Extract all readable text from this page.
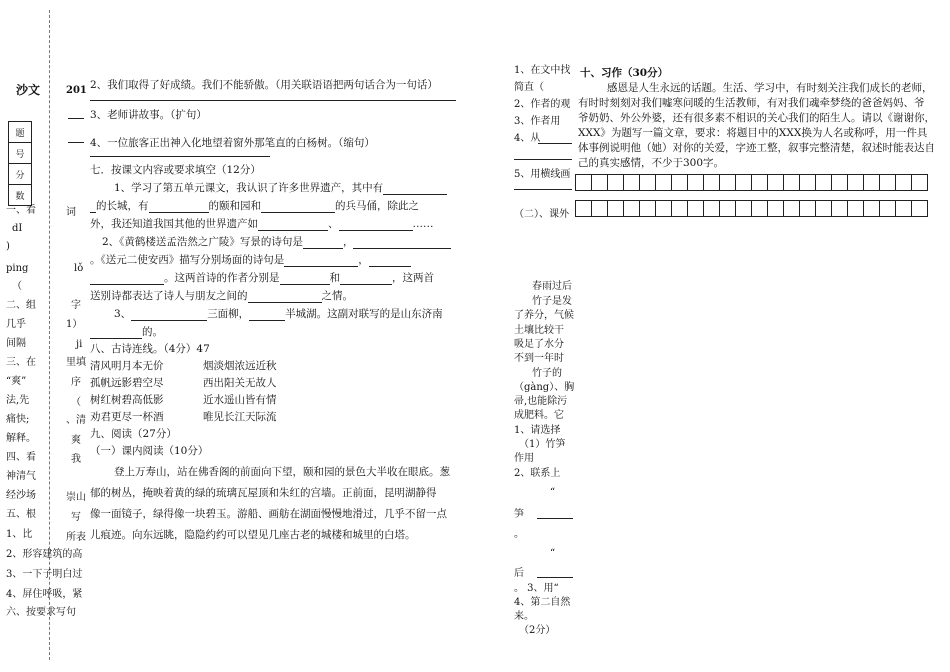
沙文	201
题
号
分
数
一、看
dI
)
ping
（
二、组
几乎
间隔
三、在
“爽”
法,先
痛快;
解释。
四、看
神清气
经沙场
五、根
1、比
2、形容建筑的高
3、一下子明白过
4、屏住呼吸，紧
六、按要求写句
词
lǒ
字
1）
ji
里填
序
（
、清
爽
我
崇山
写
所表
2、我们取得了好成绩。我们不能骄傲。（用关联语语把两句话合为一句话）
3、老师讲故事。（扩句）
4、一位旅客正出神入化地望着窗外那笔直的白杨树。（缩句）
七．按课文内容或要求填空（12分）
1、学习了第五单元课文，我认识了许多世界遗产，其中有
的长城，有	的颐和园和	的兵马俑，除此之
外，我还知道我国其他的世界遗产如	、	……
2、《黄鹤楼送孟浩然之广陵》写景的诗句是	，
。《送元二使安西》描写分别场面的诗句是	，
。这两首诗的作者分别是	和	，这两首
送别诗都表达了诗人与朋友之间的	之情。
3、	三面柳，	半城湖。这副对联写的是山东济南
的。
八、古诗连线。（4分）47
清风明月本无价
孤帆远影碧空尽
树红树碧高低影
劝君更尽一杯酒
烟淡烟浓远近秋
西出阳关无故人
近水遥山皆有情
唯见长江天际流
九、阅读（27分）
（一）课内阅读（10分）
登上万寿山，站在佛香阁的前面向下望，颐和园的景色大半收在眼底。葱
郁的树丛，掩映着黄的绿的琉璃瓦屋顶和朱红的宫墙。正前面，昆明湖静得
像一面镜子，绿得像一块碧玉。游船、画舫在湖面慢慢地滑过，几乎不留一点
儿痕迹。向东远眺，隐隐约约可以望见几座古老的城楼和城里的白塔。
1、在文中找
简直（
2、作者的观
3、作者用
4、从
5、用横线画
（二）、课外
春雨过后
竹子是发
了养分，气候
土壤比较干
吸足了水分
不到一年时
竹子的
（gàng）、胸
帚,也能除污
成肥料。它
1、请选择
（1）竹笋
作用
2、联系上
“
笋
。
“
后
。 3、用“
4、第二自然
来。
（2分）
十、习作（30分）
感恩是人生永远的话题。生活、学习中，有时刻关注我们成长的老师，
有时时刻刻对我们嘘寒问暖的生活教师，有对我们魂牵梦绕的爸爸妈妈、爷
爷奶奶、外公外婆，还有很多素不相识的关心我们的陌生人。请以《谢谢你，
XXX》为题写一篇文章，要求：将题目中的XXX换为人名或称呼，用一件具
体事例说明他（她）对你的关爱，字迹工整，叙事完整清楚，叙述时能表达自
己的真实感情，不少于300字。
